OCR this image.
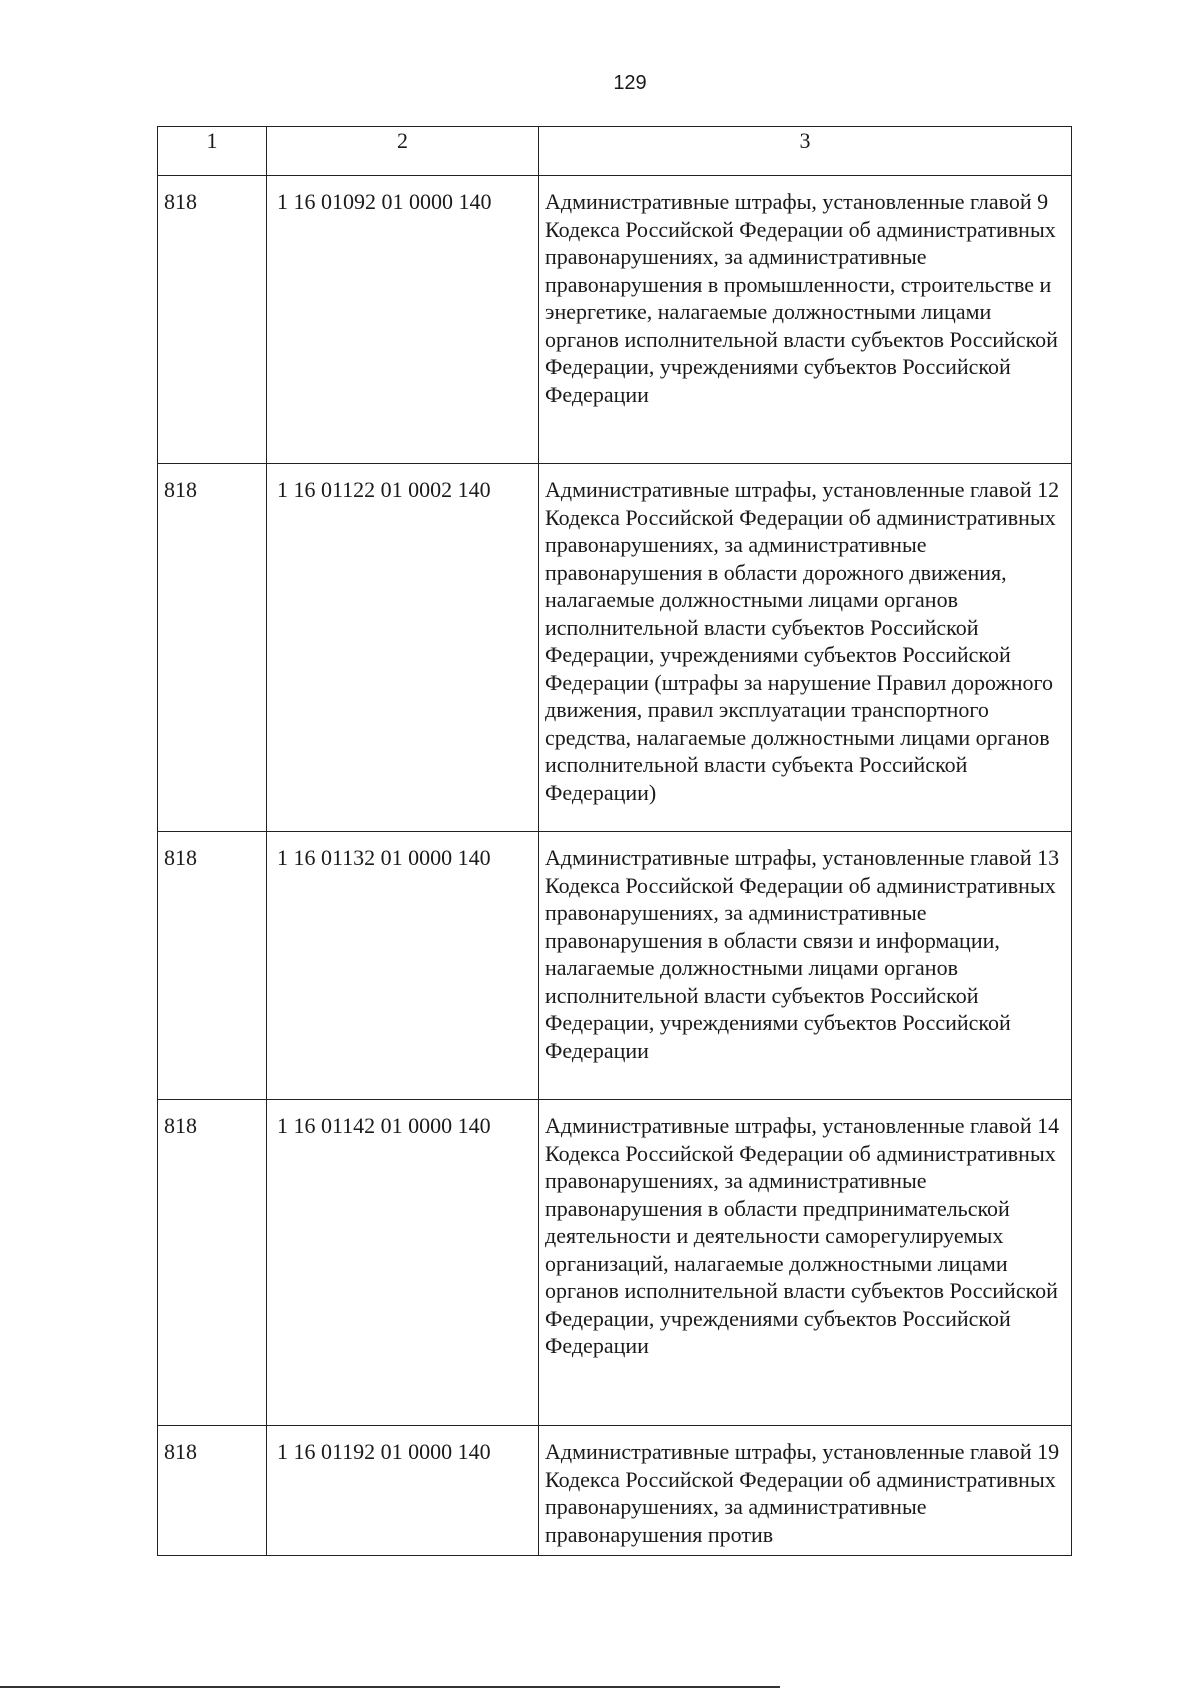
129
1	2	3
818	1 16 01092 01 0000 140	Административные штрафы, установленные главой 9 Кодекса Российской Федерации об административных правонарушениях, за административные правонарушения в промышленности, строительстве и энергетике, налагаемые должностными лицами органов исполнительной власти субъектов Российской Федерации, учреждениями субъектов Российской Федерации
818	1 16 01122 01 0002 140	Административные штрафы, установленные главой 12 Кодекса Российской Федерации об административных правонарушениях, за административные правонарушения в области дорожного движения, налагаемые должностными лицами органов исполнительной власти субъектов Российской Федерации, учреждениями субъектов Российской Федерации (штрафы за нарушение Правил дорожного движения, правил эксплуатации транспортного средства, налагаемые должностными лицами органов исполнительной власти субъекта Российской Федерации)
818	1 16 01132 01 0000 140	Административные штрафы, установленные главой 13 Кодекса Российской Федерации об административных правонарушениях, за административные правонарушения в области связи и информации, налагаемые должностными лицами органов исполнительной власти субъектов Российской Федерации, учреждениями субъектов Российской Федерации
818	1 16 01142 01 0000 140	Административные штрафы, установленные главой 14 Кодекса Российской Федерации об административных правонарушениях, за административные правонарушения в области предпринимательской деятельности и деятельности саморегулируемых организаций, налагаемые должностными лицами органов исполнительной власти субъектов Российской Федерации, учреждениями субъектов Российской Федерации
818	1 16 01192 01 0000 140	Административные штрафы, установленные главой 19 Кодекса Российской Федерации об административных правонарушениях, за административные правонарушения против
